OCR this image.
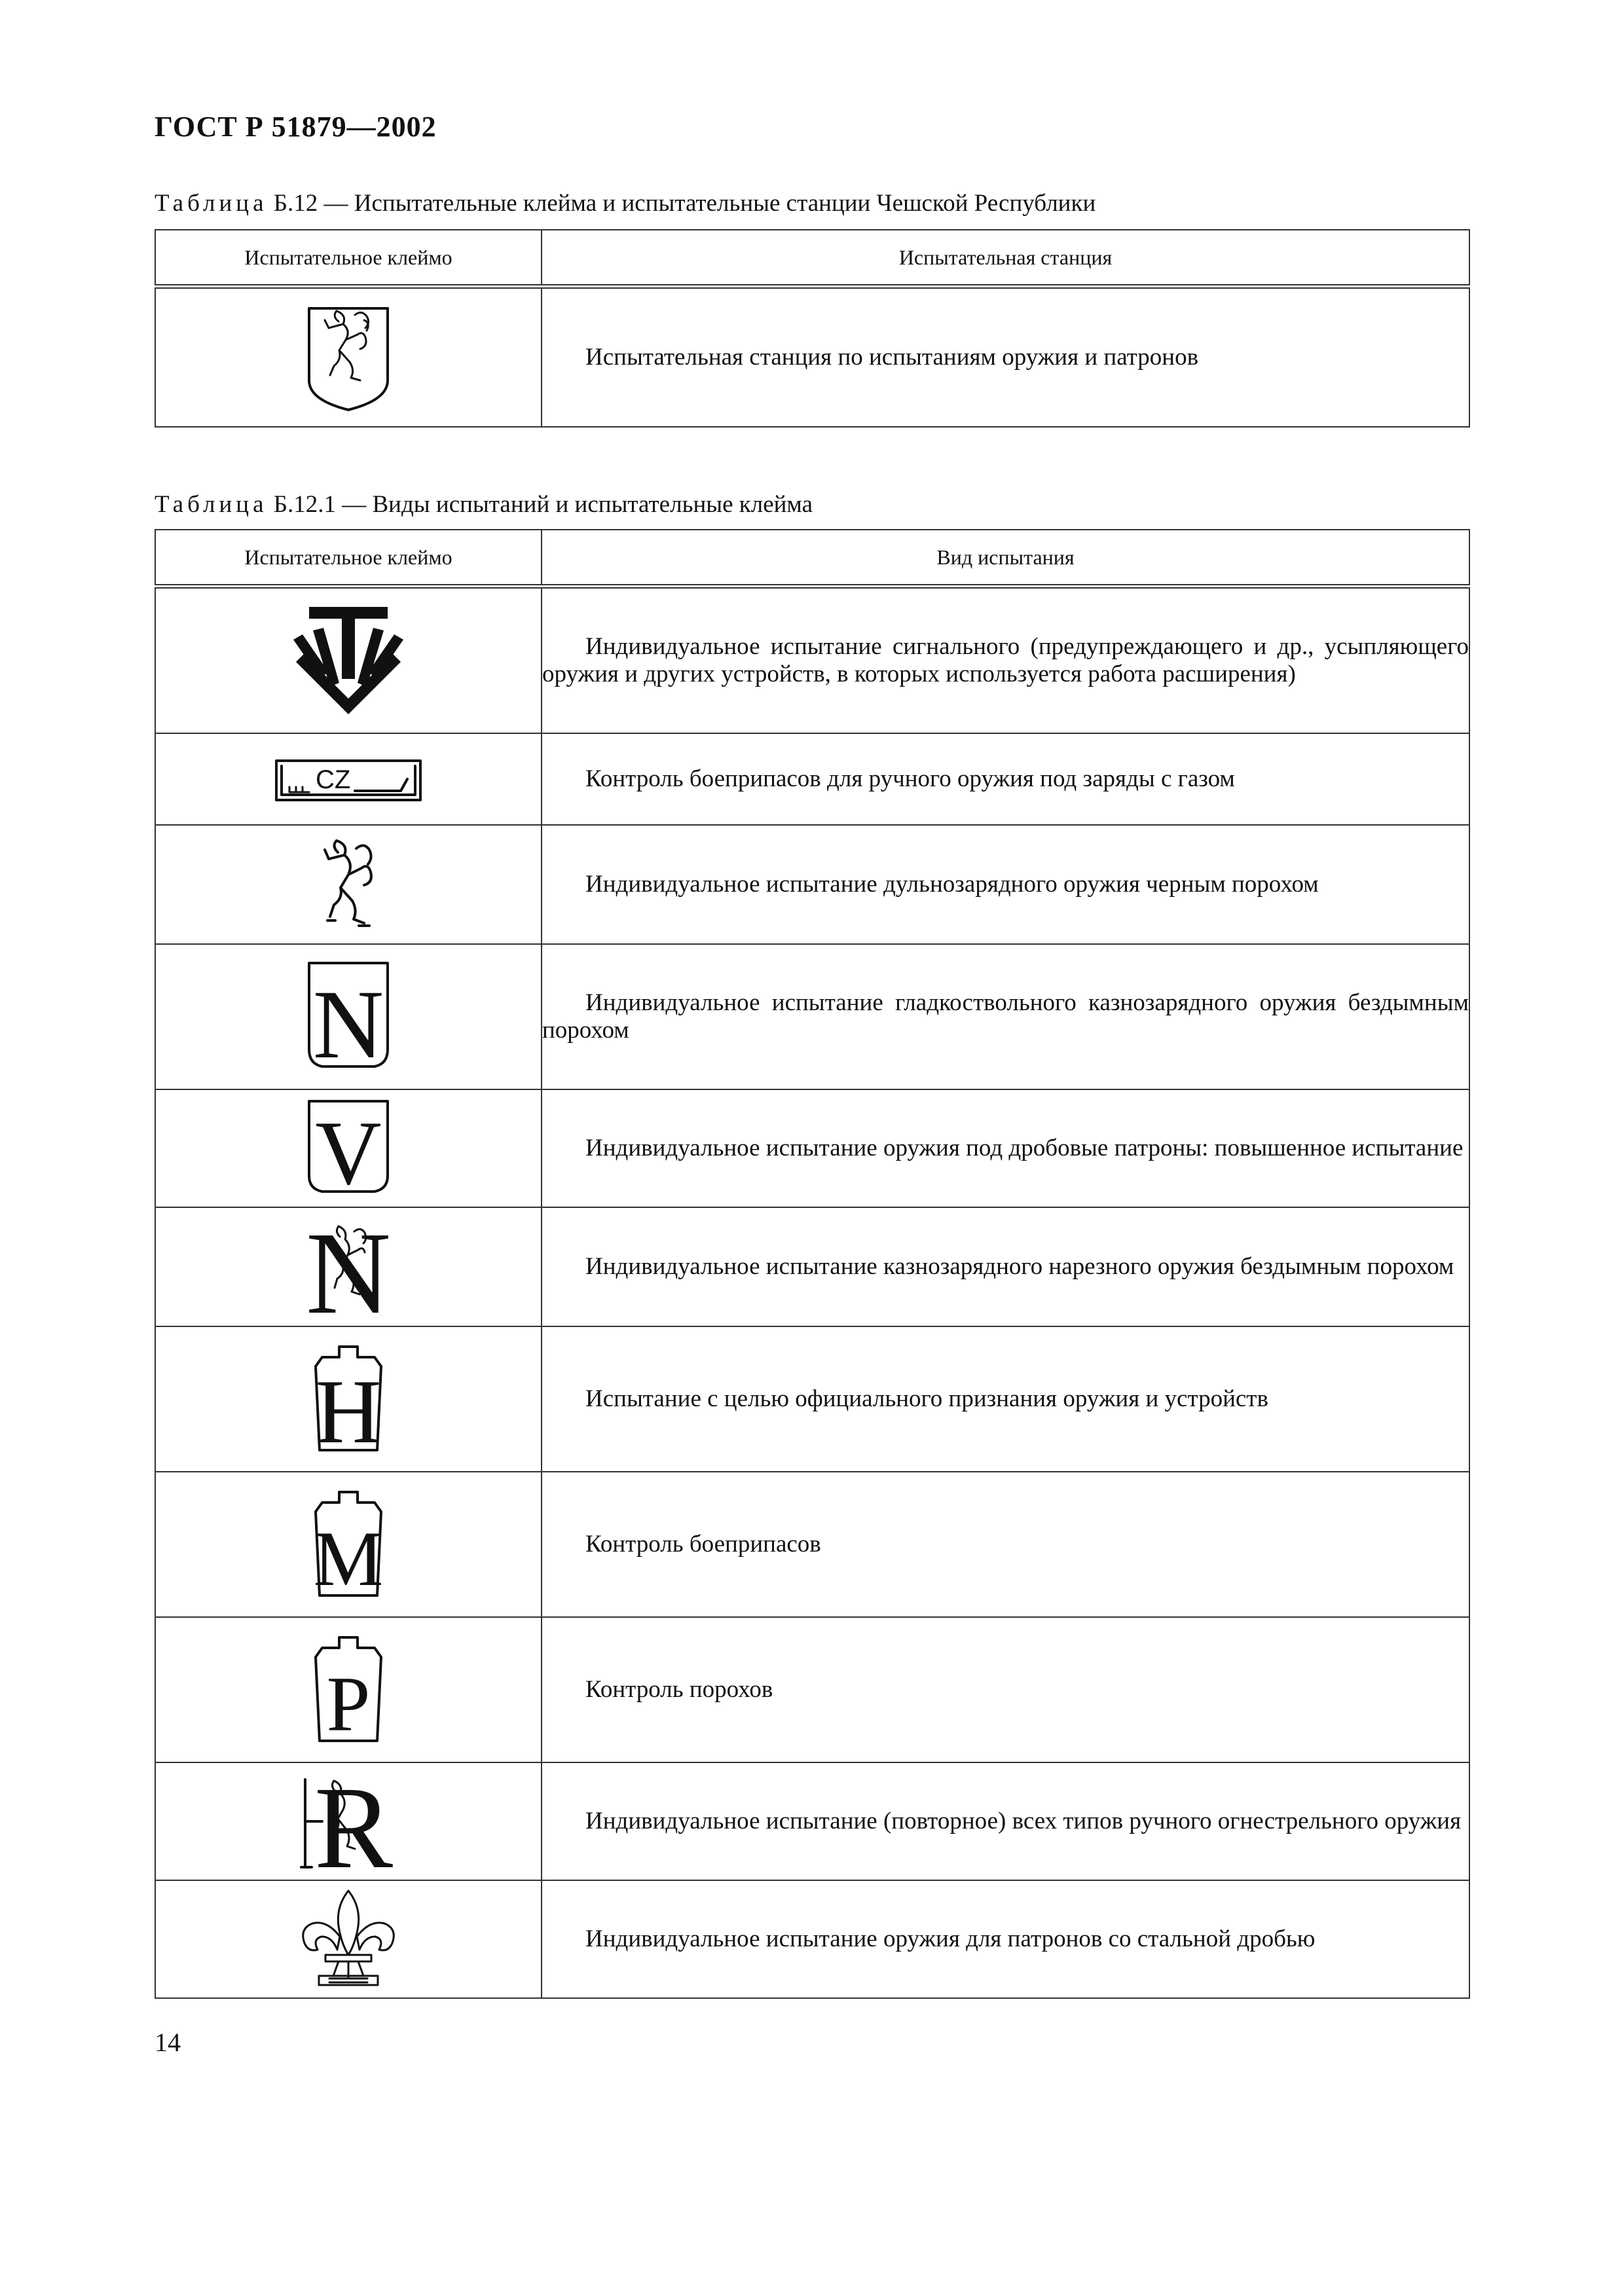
ГОСТ Р 51879—2002
Таблица Б.12 — Испытательные клейма и испытательные станции Чешской Республики
Испытательное клеймо	Испытательная станция

	Испытательная станция по испытаниям оружия и патронов
Таблица Б.12.1 — Виды испытаний и испытательные клейма
Испытательное клеймо	Вид испытания

	Индивидуальное испытание сигнального (предупреждающего и др., усыпляющего оружия и других устройств, в которых используется работа расширения)

CZ	Контроль боеприпасов для ручного оружия под заряды с газом

	Индивидуальное испытание дульнозарядного оружия черным порохом

N	Индивидуальное испытание гладкоствольного казнозарядного оружия бездымным порохом

V	Индивидуальное испытание оружия под дробовые патроны: повышенное испытание

N	Индивидуальное испытание казнозарядного нарезного оружия бездымным порохом

H	Испытание с целью официального признания оружия и устройств

M	Контроль боеприпасов

P	Контроль порохов

R	Индивидуальное испытание (повторное) всех типов ручного огнестрельного оружия

	Индивидуальное испытание оружия для патронов со стальной дробью
14
